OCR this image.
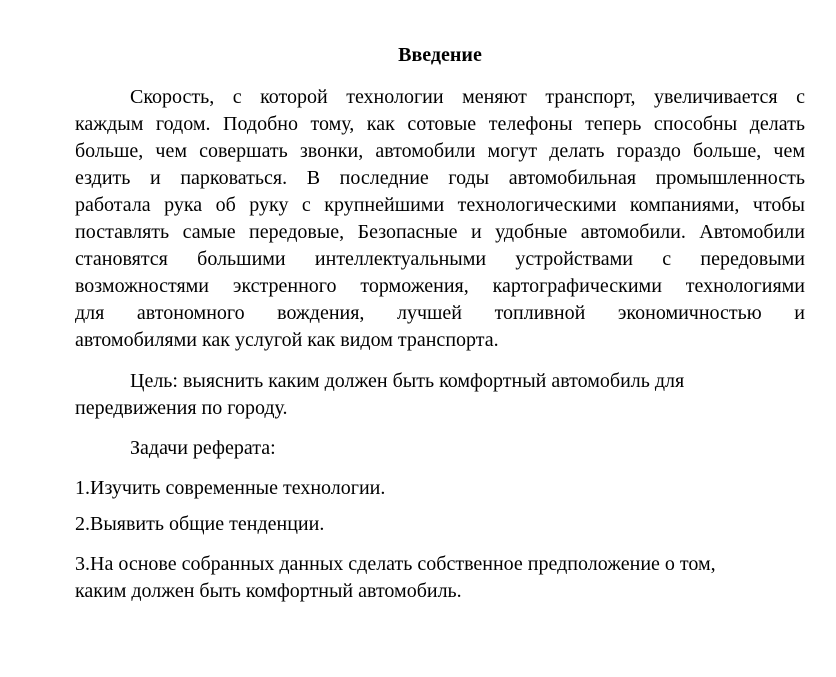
Введение
Скорость, с которой технологии меняют транспорт, увеличивается с
каждым годом. Подобно тому, как сотовые телефоны теперь способны делать
больше, чем совершать звонки, автомобили могут делать гораздо больше, чем
ездить и парковаться. В последние годы автомобильная промышленность
работала рука об руку с крупнейшими технологическими компаниями, чтобы
поставлять самые передовые, Безопасные и удобные автомобили. Автомобили
становятся большими интеллектуальными устройствами с передовыми
возможностями экстренного торможения, картографическими технологиями
для автономного вождения, лучшей топливной экономичностью и
автомобилями как услугой как видом транспорта.
Цель: выяснить каким должен быть комфортный автомобиль для
передвижения по городу.
Задачи реферата:
1.Изучить современные технологии.
2.Выявить общие тенденции.
3.На основе собранных данных сделать собственное предположение о том,
каким должен быть комфортный автомобиль.
